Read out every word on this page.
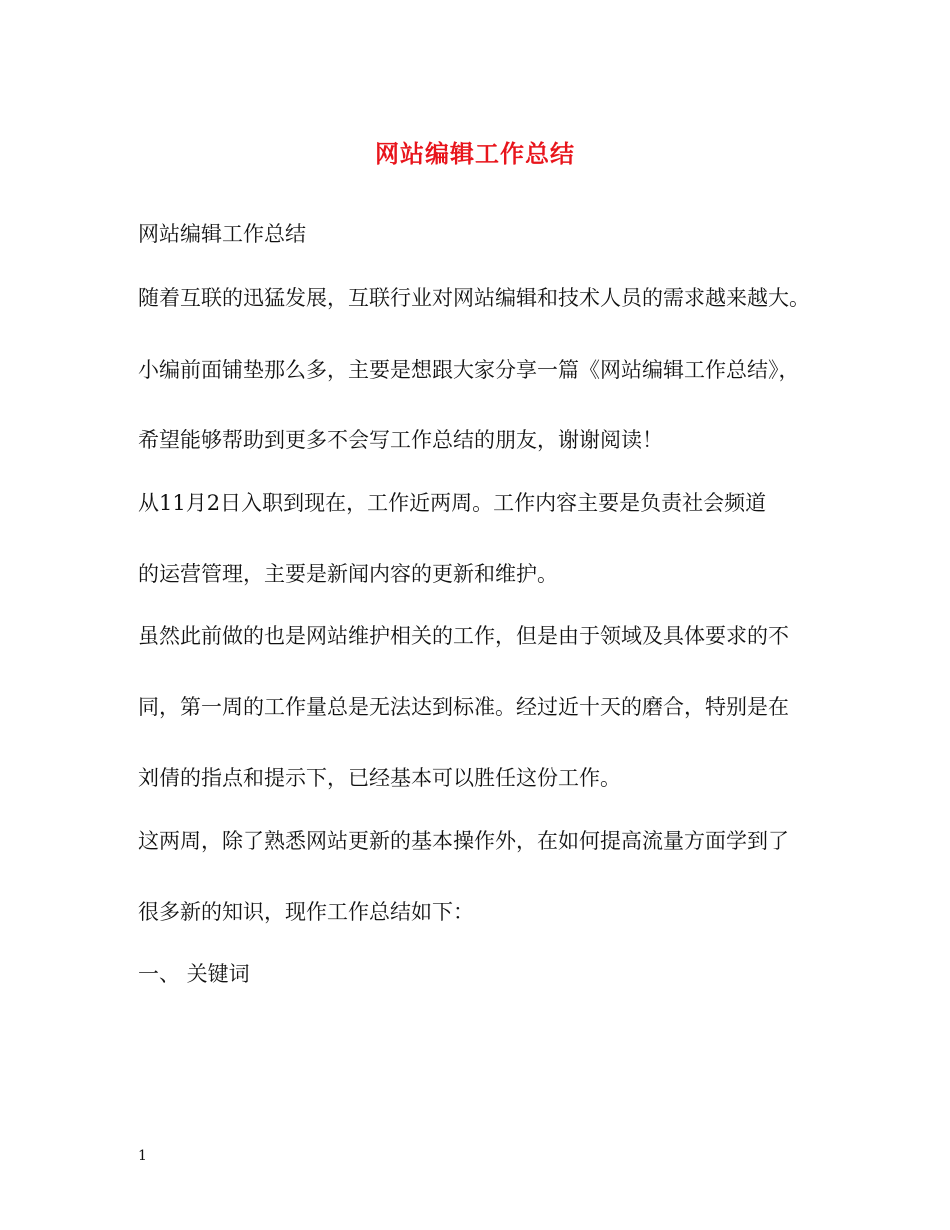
网站编辑工作总结
网站编辑工作总结
随着互联的迅猛发展，互联行业对网站编辑和技术人员的需求越来越大。
小编前面铺垫那么多，主要是想跟大家分享一篇《网站编辑工作总结》，
希望能够帮助到更多不会写工作总结的朋友，谢谢阅读！
从11月2日入职到现在，工作近两周。工作内容主要是负责社会频道
的运营管理，主要是新闻内容的更新和维护。
虽然此前做的也是网站维护相关的工作，但是由于领域及具体要求的不
同，第一周的工作量总是无法达到标准。经过近十天的磨合，特别是在
刘倩的指点和提示下，已经基本可以胜任这份工作。
这两周，除了熟悉网站更新的基本操作外，在如何提高流量方面学到了
很多新的知识，现作工作总结如下：
一、 关键词
1
